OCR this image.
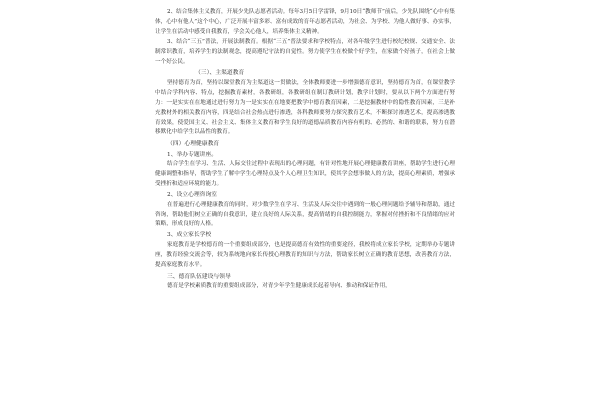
2、结合集体主义教育，开展少先队志愿者活动。每年3月5日学雷锋，9月10日“教师节”前后，少先队围绕“心中有集体，心中有他人”这个中心，广泛开展丰富多彩、富有成效的育年志愿者活动，为社会、为学校、为他人做好事、办实事，让学生在活动中感受自我教育，学会关心他人，培养集体主义精神。

3、结合“三五”普法，开展法制教育。根据“三五”普法要求和学校特点，对各年级学生进行校纪校规、交通安全、法制常识教育，培养学生的法制观念，提高遵纪守法的自觉性。努力使学生在校做个好学生，在家做个好孩子，在社会上做一个好公民。

（三）、主渠道教育

坚持德育为首，坚持以课堂教育为主渠道这一贯做法，全体教师要进一步增强德育意识，坚持德育为首，在课堂教学中结合学科内容、特点，挖掘教育素材，各教研组，各教研组在制订教研计划，教学计划时，要从以下两个方面进行努力：一是实实在在地通过进行努力为一是实实在在地要把教学中德育教育因素，二是挖掘教材中的隐性教育因素，三是补充教材外的相关教育内容，四是结合社会热点进行渗透，各科教师要努力探究教育艺术，不断探讨渗透艺术，提高渗透教育效果，使爱国主义、社会主义、集体主义教育和学生良好的道德品质教育内容有机的、必然的、和谐的联系，努力在潜移默化中给学生以品性的教育。

（四）心理健康教育

1、举办专题讲座。

结合学生在学习、生活、人际交往过程中表现出的心理问题，有针对性地开展心理健康教育讲座，帮助学生进行心理健康调整和指导，帮助学生了解中学生心理特点及个人心理卫生知识，使其学会想事做人的方法，提高心理素质，增强承受挫折和适应环境的能力。

2、设立心理咨询室

在普遍进行心理健康教育的同时，对少数学生在学习、生活及人际交往中遇到的一般心理问题给予辅导和帮助，通过咨询，帮助他们树立正确的自我意识，建立良好的人际关系，提高情绪的自我控制能力，掌握对付挫折和不良情绪的应对策略，形成良好的人格。

3、成立家长学校

家庭教育是学校德育的一个重要组成部分，也是提高德育有效性的重要途径，我校将成立家长学校，定期举办专题讲座，教育经验交流会等，较为系统地向家长传授心理教育的知识与方法，帮助家长树立正确的教育思想，改善教育方法，提高家庭教育水平。

三、德育队伍建设与领导

德育是学校素质教育的重要组成部分，对青少年学生健康成长起着导向、推动和保证作用，
